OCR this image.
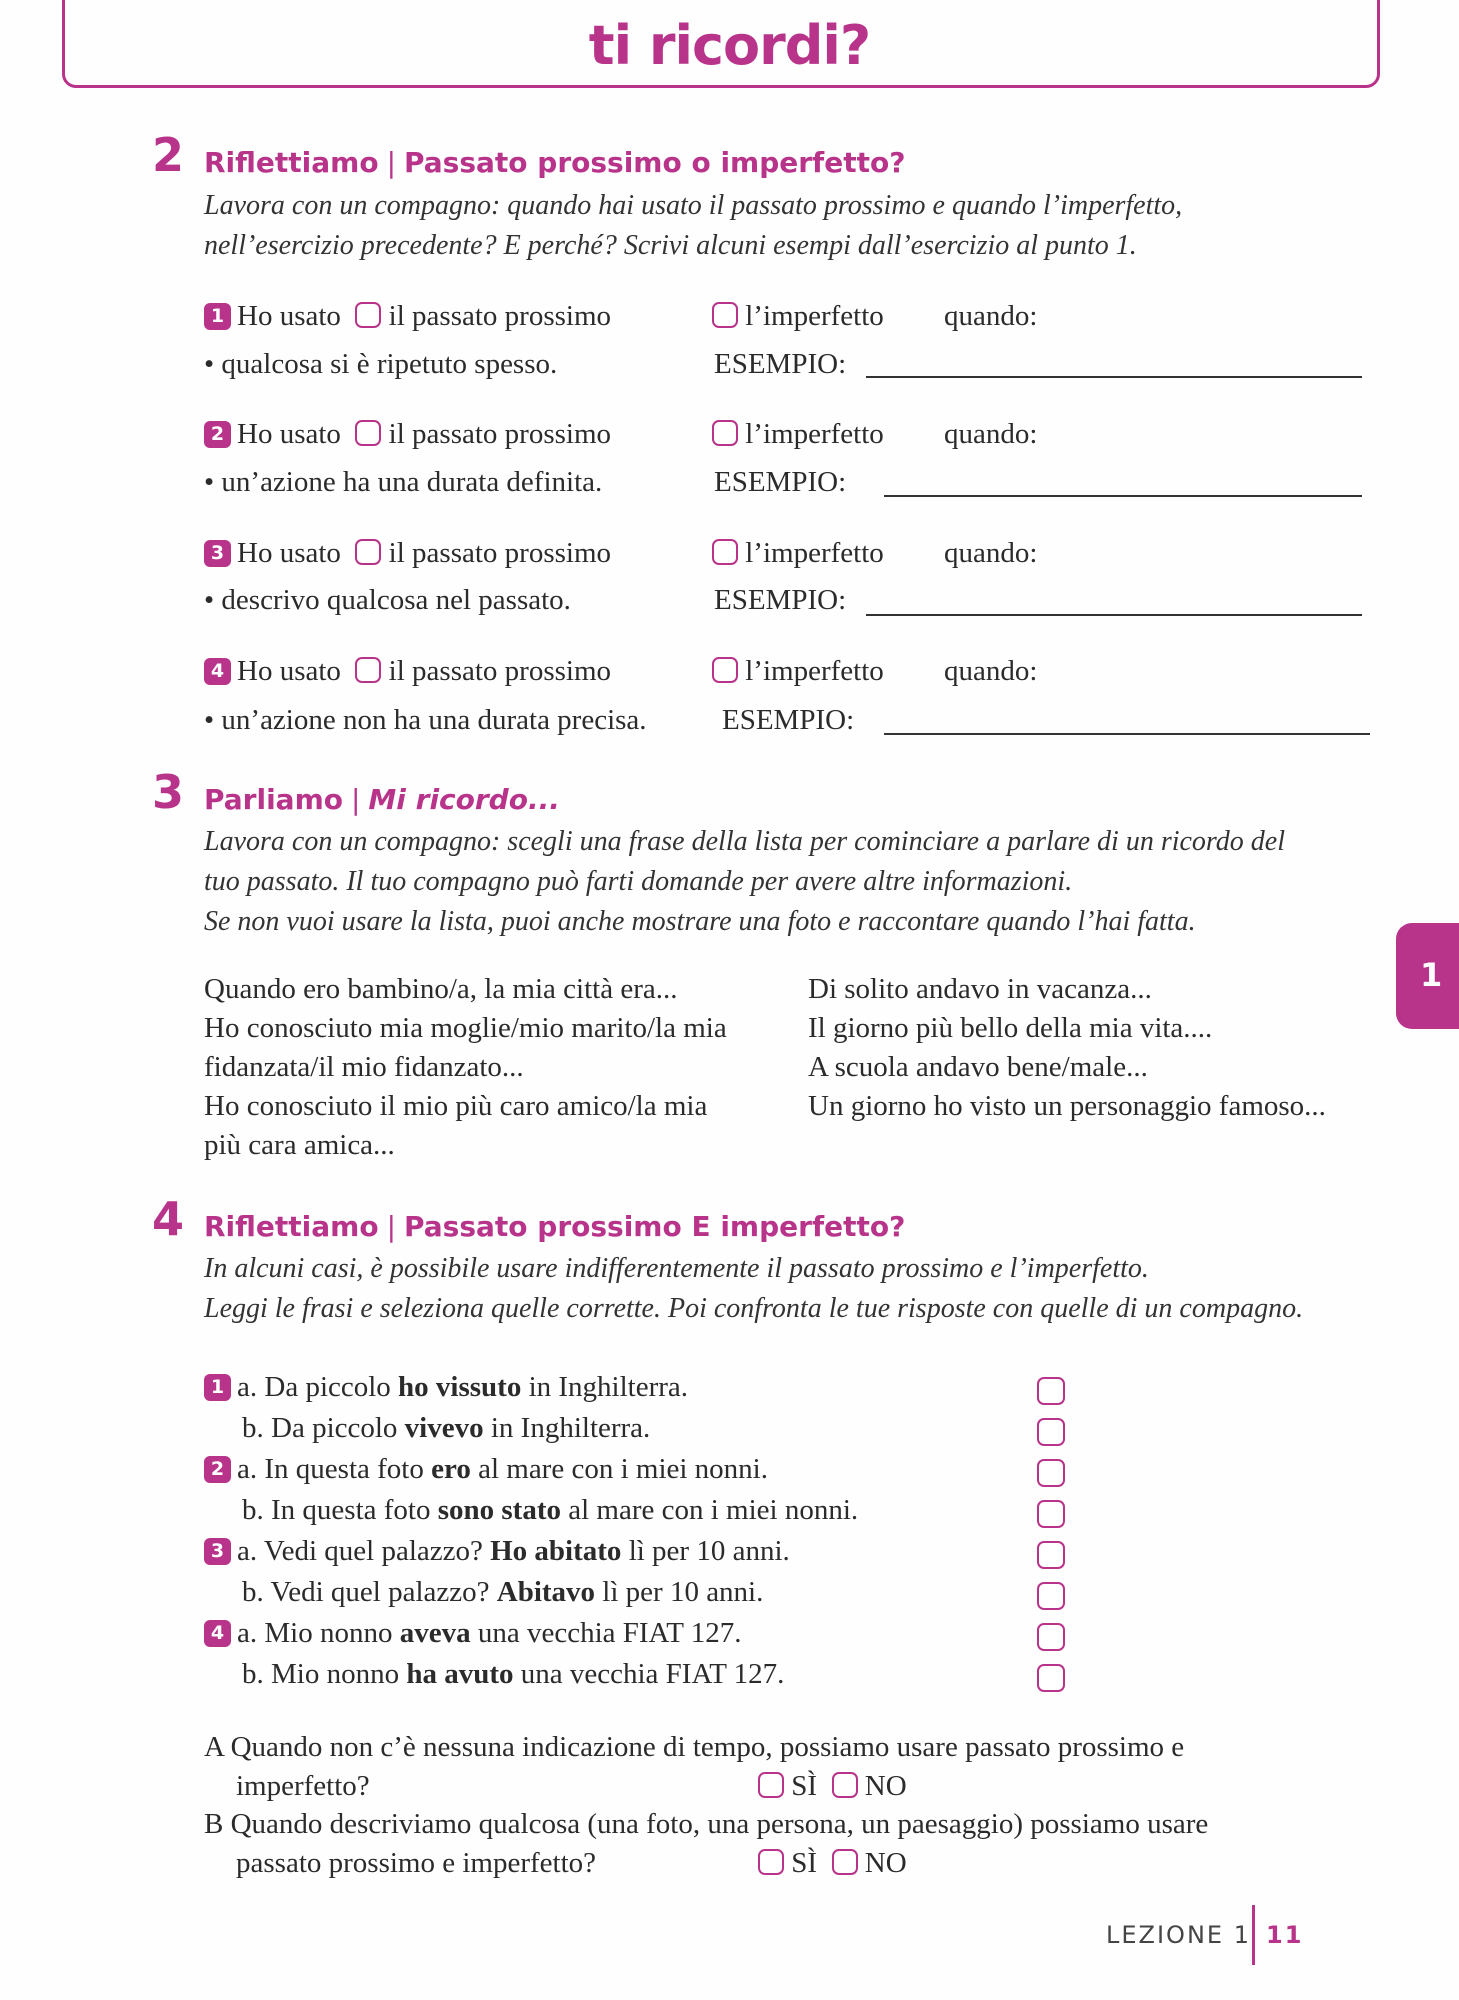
ti ricordi?
2 Riflettiamo | Passato prossimo o imperfetto?
Lavora con un compagno: quando hai usato il passato prossimo e quando l’imperfetto,
nell’esercizio precedente? E perché? Scrivi alcuni esempi dall’esercizio al punto 1.
1 Ho usato il passato prossimo	l’imperfetto quando:
• qualcosa si è ripetuto spesso.	ESEMPIO:
2 Ho usato il passato prossimo	l’imperfetto quando:
• un’azione ha una durata definita.	ESEMPIO:
3 Ho usato il passato prossimo	l’imperfetto quando:
• descrivo qualcosa nel passato.	ESEMPIO:
4 Ho usato il passato prossimo	l’imperfetto quando:
• un’azione non ha una durata precisa.	ESEMPIO:
3 Parliamo | Mi ricordo...
Lavora con un compagno: scegli una frase della lista per cominciare a parlare di un ricordo del
tuo passato. Il tuo compagno può farti domande per avere altre informazioni.
Se non vuoi usare la lista, puoi anche mostrare una foto e raccontare quando l’hai fatta.
Quando ero bambino/a, la mia città era...
Ho conosciuto mia moglie/mio marito/la mia
fidanzata/il mio fidanzato...
Ho conosciuto il mio più caro amico/la mia
più cara amica...
Di solito andavo in vacanza...
Il giorno più bello della mia vita....
A scuola andavo bene/male...
Un giorno ho visto un personaggio famoso...
1
4 Riflettiamo | Passato prossimo E imperfetto?
In alcuni casi, è possibile usare indifferentemente il passato prossimo e l’imperfetto.
Leggi le frasi e seleziona quelle corrette. Poi confronta le tue risposte con quelle di un compagno.
1 a. Da piccolo ho vissuto in Inghilterra.
b. Da piccolo vivevo in Inghilterra.
2 a. In questa foto ero al mare con i miei nonni.
b. In questa foto sono stato al mare con i miei nonni.
3 a. Vedi quel palazzo? Ho abitato lì per 10 anni.
b. Vedi quel palazzo? Abitavo lì per 10 anni.
4 a. Mio nonno aveva una vecchia FIAT 127.
b. Mio nonno ha avuto una vecchia FIAT 127.
A Quando non c’è nessuna indicazione di tempo, possiamo usare passato prossimo e
imperfetto?	SÌ NO
B Quando descriviamo qualcosa (una foto, una persona, un paesaggio) possiamo usare
passato prossimo e imperfetto?	SÌ NO
LEZIONE 1 11
